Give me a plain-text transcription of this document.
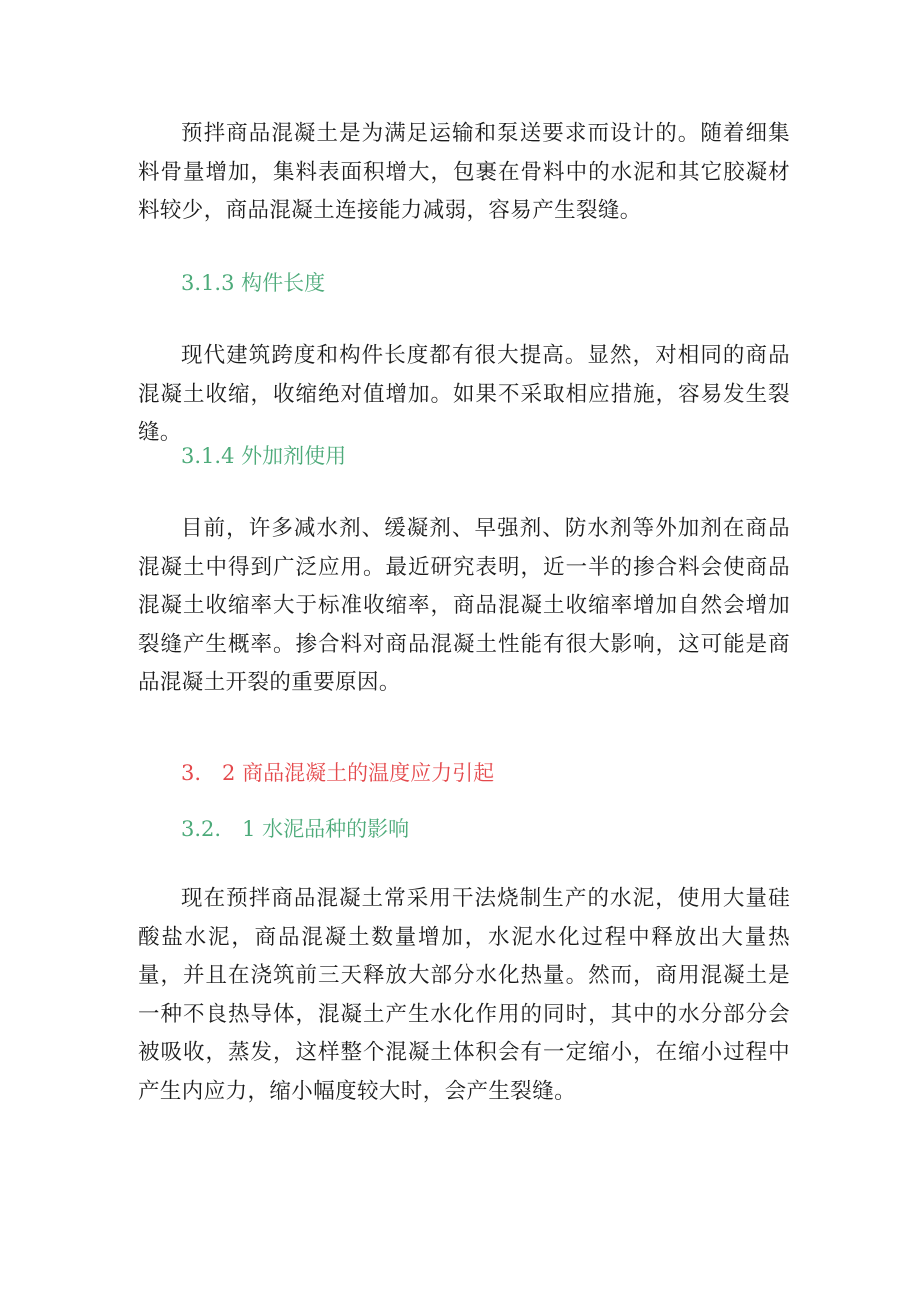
预拌商品混凝土是为满足运输和泵送要求而设计的。随着细集料骨量增加，集料表面积增大，包裹在骨料中的水泥和其它胶凝材料较少，商品混凝土连接能力减弱，容易产生裂缝。

3.1.3 构件长度

现代建筑跨度和构件长度都有很大提高。显然，对相同的商品混凝土收缩，收缩绝对值增加。如果不采取相应措施，容易发生裂缝。

3.1.4 外加剂使用

目前，许多减水剂、缓凝剂、早强剂、防水剂等外加剂在商品混凝土中得到广泛应用。最近研究表明，近一半的掺合料会使商品混凝土收缩率大于标准收缩率，商品混凝土收缩率增加自然会增加裂缝产生概率。掺合料对商品混凝土性能有很大影响，这可能是商品混凝土开裂的重要原因。

3.　2 商品混凝土的温度应力引起
3.2.　1 水泥品种的影响

现在预拌商品混凝土常采用干法烧制生产的水泥，使用大量硅酸盐水泥，商品混凝土数量增加，水泥水化过程中释放出大量热量，并且在浇筑前三天释放大部分水化热量。然而，商用混凝土是一种不良热导体，混凝土产生水化作用的同时，其中的水分部分会被吸收，蒸发，这样整个混凝土体积会有一定缩小，在缩小过程中产生内应力，缩小幅度较大时，会产生裂缝。
